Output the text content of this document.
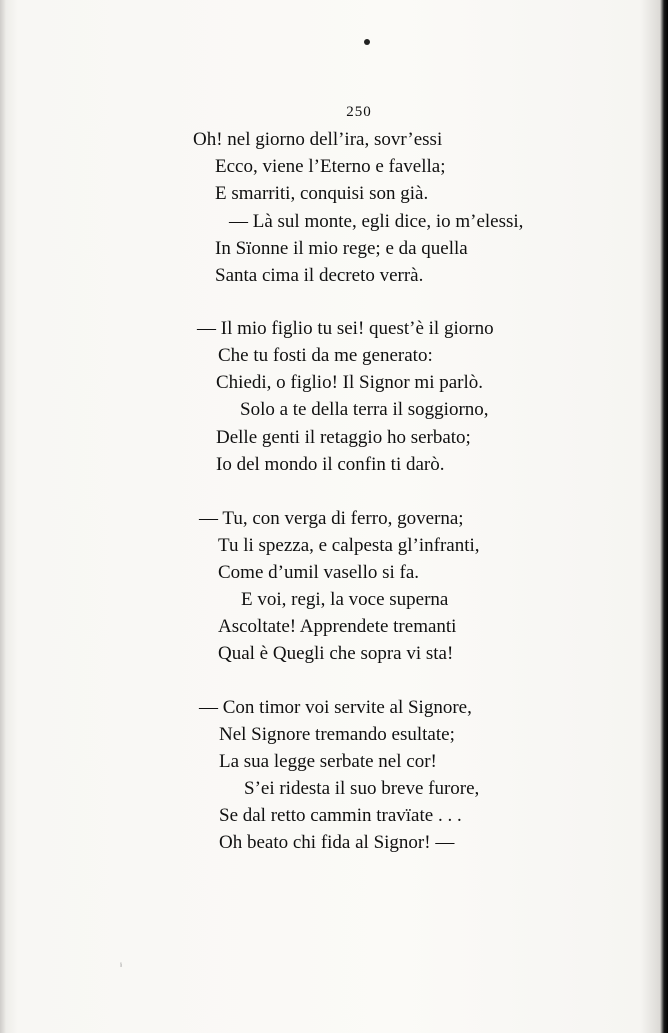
ⁱ
250
Oh! nel giorno dell’ira, sovr’essi
Ecco, viene l’Eterno e favella;
E smarriti, conquisi son già.
— Là sul monte, egli dice, io m’elessi,
In Sïonne il mio rege; e da quella
Santa cima il decreto verrà.
— Il mio figlio tu sei! quest’è il giorno
Che tu fosti da me generato:
Chiedi, o figlio! Il Signor mi parlò.
Solo a te della terra il soggiorno,
Delle genti il retaggio ho serbato;
Io del mondo il confin ti darò.
— Tu, con verga di ferro, governa;
Tu li spezza, e calpesta gl’infranti,
Come d’umil vasello si fa.
E voi, regi, la voce superna
Ascoltate! Apprendete tremanti
Qual è Quegli che sopra vi sta!
— Con timor voi servite al Signore,
Nel Signore tremando esultate;
La sua legge serbate nel cor!
S’ei ridesta il suo breve furore,
Se dal retto cammin travïate . . .
Oh beato chi fida al Signor! —
